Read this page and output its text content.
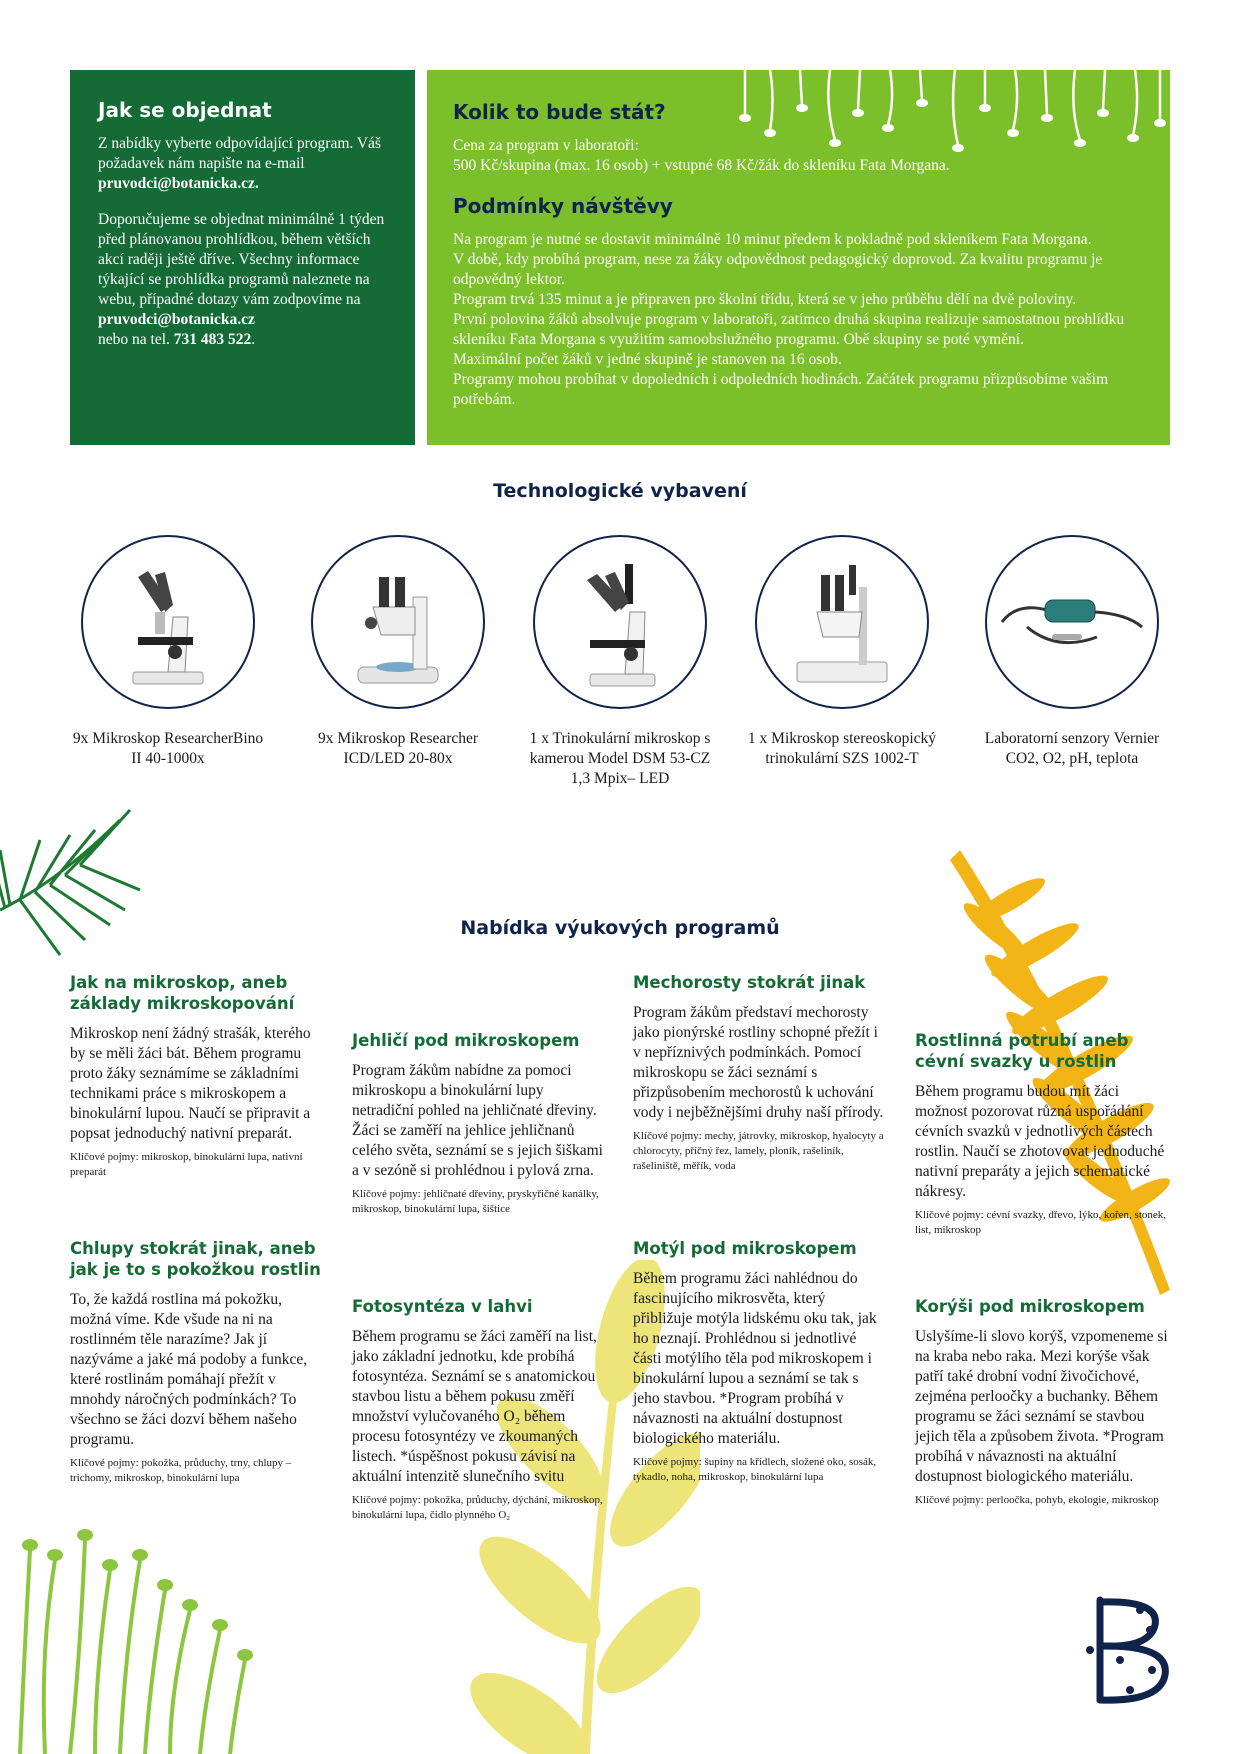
Jak se objednat

Z nabídky vyberte odpovídající program. Váš požadavek nám napište na e-mail pruvodci@botanicka.cz.

Doporučujeme se objednat minimálně 1 týden před plánovanou prohlídkou, během větších akcí raději ještě dříve. Všechny informace týkající se prohlídka programů naleznete na webu, případné dotazy vám zodpovíme na pruvodci@botanicka.cz
nebo na tel. 731 483 522.

Kolik to bude stát?

Cena za program v laboratoři:

500 Kč/skupina (max. 16 osob) + vstupné 68 Kč/žák do skleníku Fata Morgana.

Podmínky návštěvy

Na program je nutné se dostavit minimálně 10 minut předem k pokladně pod skleníkem Fata Morgana.

V době, kdy probíhá program, nese za žáky odpovědnost pedagogický doprovod. Za kvalitu programu je odpovědný lektor.

Program trvá 135 minut a je připraven pro školní třídu, která se v jeho průběhu dělí na dvě poloviny.

První polovina žáků absolvuje program v laboratoři, zatímco druhá skupina realizuje samostatnou prohlídku skleníku Fata Morgana s využitím samoobslužného programu. Obě skupiny se poté vymění.

Maximální počet žáků v jedné skupině je stanoven na 16 osob.

Programy mohou probíhat v dopoledních i odpoledních hodinách. Začátek programu přizpůsobíme vašim potřebám.

Technologické vybavení
9x Mikroskop ResearcherBino II 40-1000x
9x Mikroskop Researcher ICD/LED 20-80x
1 x Trinokulární mikroskop s kamerou Model DSM 53-CZ 1,3 Mpix– LED
1 x Mikroskop stereoskopický trinokulární SZS 1002-T
Laboratorní senzory Vernier CO2, O2, pH, teplota
Nabídka výukových programů
Jak na mikroskop, aneb základy mikroskopování

Mikroskop není žádný strašák, kterého by se měli žáci bát. Během programu proto žáky seznámíme se základními technikami práce s mikroskopem a binokulární lupou. Naučí se připravit a popsat jednoduchý nativní preparát.

Klíčové pojmy: mikroskop, binokulární lupa, nativní preparát

Jehličí pod mikroskopem

Program žákům nabídne za pomoci mikroskopu a binokulární lupy netradiční pohled na jehličnaté dřeviny. Žáci se zaměří na jehlice jehličnanů celého světa, seznámí se s jejich šiškami a v sezóně si prohlédnou i pylová zrna.

Klíčové pojmy: jehličnaté dřeviny, pryskyřičné kanálky, mikroskop, binokulární lupa, šištice

Mechorosty stokrát jinak

Program žákům představí mechorosty jako pionýrské rostliny schopné přežít i v nepříznivých podmínkách. Pomocí mikroskopu se žáci seznámí s přizpůsobením mechorostů k uchování vody i nejběžnějšími druhy naší přírody.

Klíčové pojmy: mechy, játrovky, mikroskop, hyalocyty a chlorocyty, příčný řez, lamely, ploník, rašeliník, rašeliniště, měřík, voda

Rostlinná potrubí aneb cévní svazky u rostlin

Během programu budou mít žáci možnost pozorovat různá uspořádání cévních svazků v jednotlivých částech rostlin. Naučí se zhotovovat jednoduché nativní preparáty a jejich schematické nákresy.

Klíčové pojmy: cévní svazky, dřevo, lýko, kořen, stonek, list, mikroskop

Chlupy stokrát jinak, aneb jak je to s pokožkou rostlin

To, že každá rostlina má pokožku, možná víme. Kde všude na ni na rostlinném těle narazíme? Jak jí nazýváme a jaké má podoby a funkce, které rostlinám pomáhají přežít v mnohdy náročných podmínkách? To všechno se žáci dozví během našeho programu.

Klíčové pojmy: pokožka, průduchy, trny, chlupy – trichomy, mikroskop, binokulární lupa

Fotosyntéza v lahvi

Během programu se žáci zaměří na list, jako základní jednotku, kde probíhá fotosyntéza. Seznámí se s anatomickou stavbou listu a během pokusu změří množství vylučovaného O₂ během procesu fotosyntézy ve zkoumaných listech. *úspěšnost pokusu závisí na aktuální intenzitě slunečního svitu

Klíčové pojmy: pokožka, průduchy, dýchání, mikroskop, binokulární lupa, čidlo plynného O₂

Motýl pod mikroskopem

Během programu žáci nahlédnou do fascinujícího mikrosvěta, který přibližuje motýla lidskému oku tak, jak ho neznají. Prohlédnou si jednotlivé části motýlího těla pod mikroskopem i binokulární lupou a seznámí se tak s jeho stavbou. *Program probíhá v návaznosti na aktuální dostupnost biologického materiálu.

Klíčové pojmy: šupiny na křídlech, složené oko, sosák, tykadlo, noha, mikroskop, binokulární lupa

Korýši pod mikroskopem

Uslyšíme-li slovo korýš, vzpomeneme si na kraba nebo raka. Mezi korýše však patří také drobní vodní živočichové, zejména perloočky a buchanky. Během programu se žáci seznámí se stavbou jejich těla a způsobem života. *Program probíhá v návaznosti na aktuální dostupnost biologického materiálu.

Klíčové pojmy: perloočka, pohyb, ekologie, mikroskop
